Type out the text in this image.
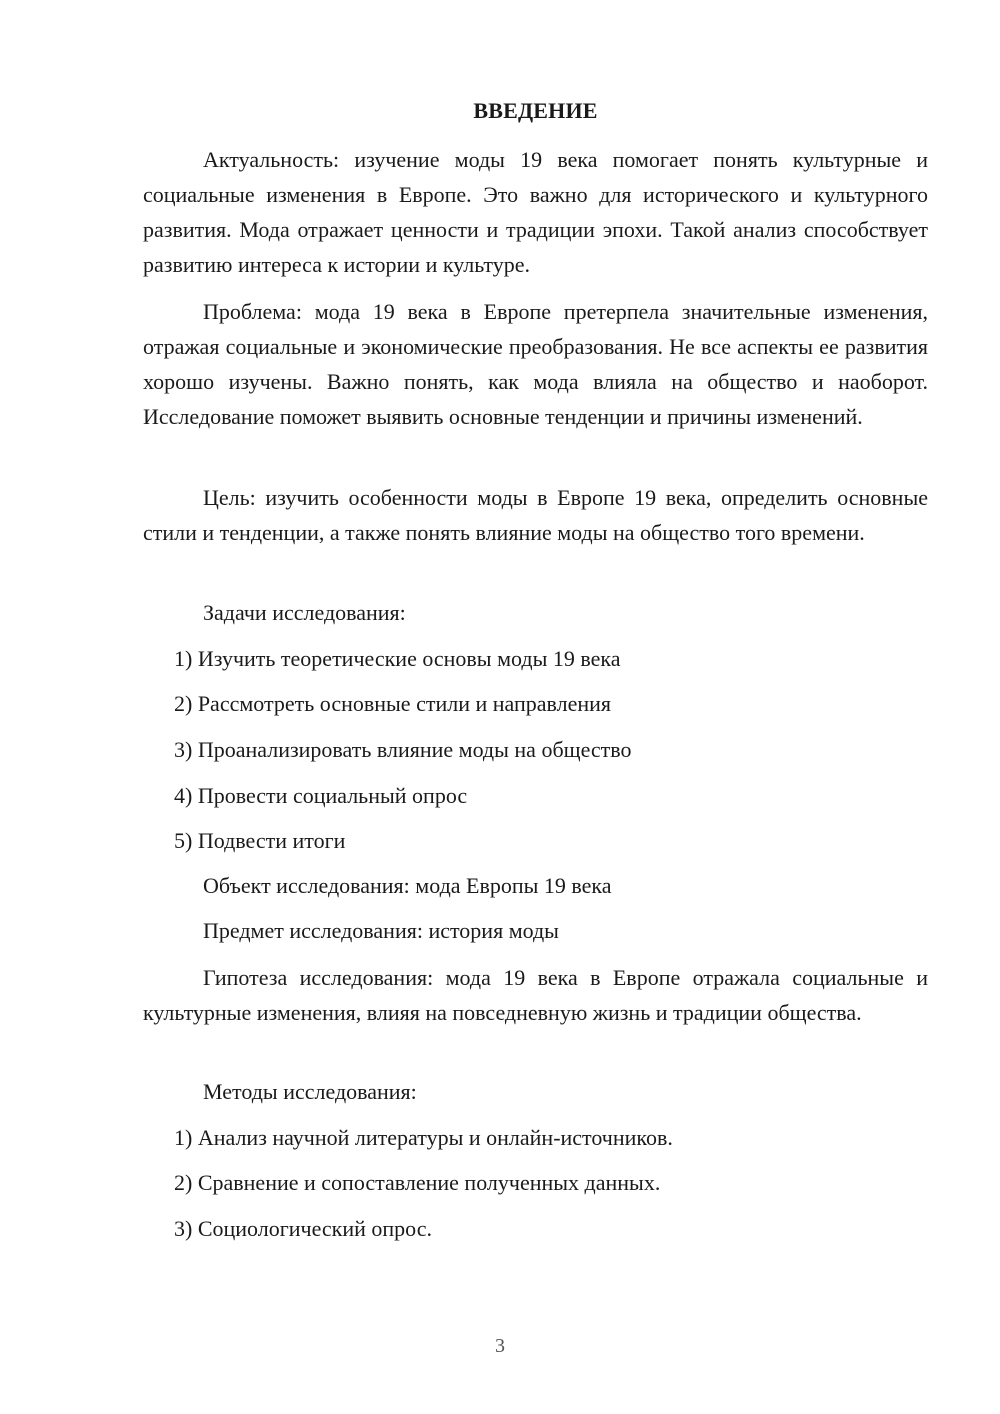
ВВЕДЕНИЕ

Актуальность: изучение моды 19 века помогает понять культурные и социальные изменения в Европе. Это важно для исторического и культурного развития. Мода отражает ценности и традиции эпохи. Такой анализ способствует развитию интереса к истории и культуре.

Проблема: мода 19 века в Европе претерпела значительные изменения, отражая социальные и экономические преобразования. Не все аспекты ее развития хорошо изучены. Важно понять, как мода влияла на общество и наоборот. Исследование поможет выявить основные тенденции и причины изменений.

Цель: изучить особенности моды в Европе 19 века, определить основные стили и тенденции, а также понять влияние моды на общество того времени.

Задачи исследования:

1) Изучить теоретические основы моды 19 века

2) Рассмотреть основные стили и направления

3) Проанализировать влияние моды на общество

4) Провести социальный опрос

5) Подвести итоги

Объект исследования: мода Европы 19 века

Предмет исследования: история моды

Гипотеза исследования: мода 19 века в Европе отражала социальные и культурные изменения, влияя на повседневную жизнь и традиции общества.

Методы исследования:

1) Анализ научной литературы и онлайн-источников.

2) Сравнение и сопоставление полученных данных.

3) Социологический опрос.

3
